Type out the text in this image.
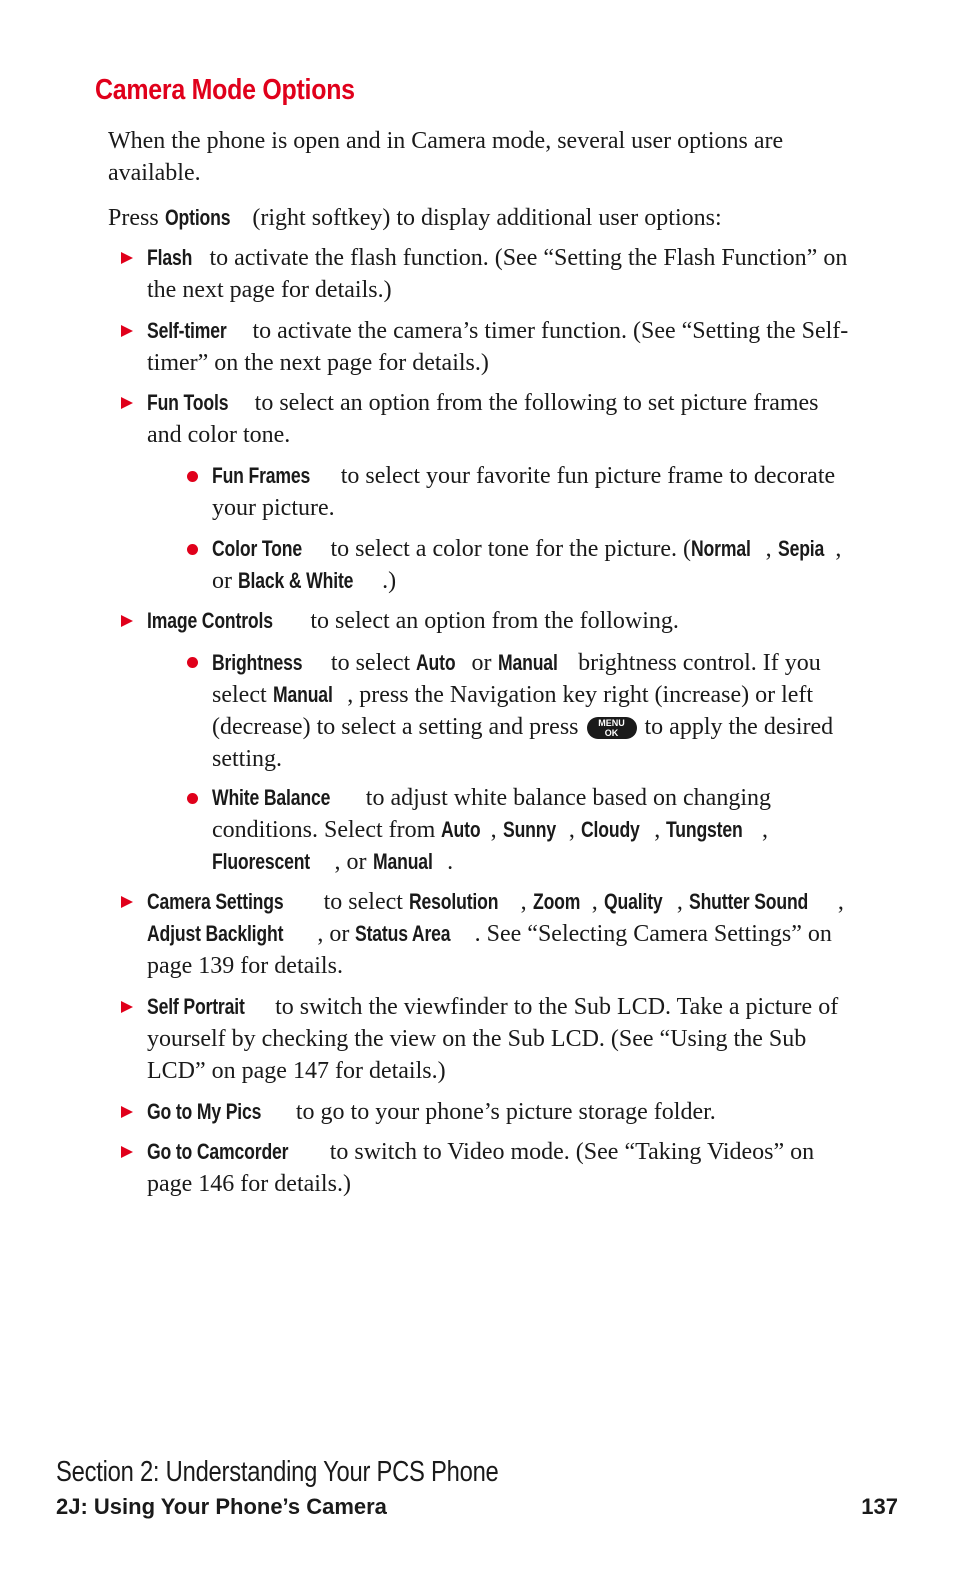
Camera Mode Options

When the phone is open and in Camera mode, several user options are available.

Press Options (right softkey) to display additional user options:

Flash to activate the flash function. (See “Setting the Flash Function” on the next page for details.)

Self-timer to activate the camera’s timer function. (See “Setting the Self-timer” on the next page for details.)

Fun Tools to select an option from the following to set picture frames and color tone.

Fun Frames to select your favorite fun picture frame to decorate your picture.

Color Tone to select a color tone for the picture. (Normal , Sepia , or Black & White .)

Image Controls to select an option from the following.

Brightness to select Auto or Manual brightness control. If you select Manual , press the Navigation key right (increase) or left (decrease) to select a setting and press	MENU
OK to apply the desired setting.

White Balance to adjust white balance based on changing conditions. Select from Auto , Sunny , Cloudy , Tungsten , Fluorescent , or Manual .

Camera Settings to select Resolution , Zoom , Quality , Shutter Sound , Adjust Backlight , or Status Area . See “Selecting Camera Settings” on page 139 for details.

Self Portrait to switch the viewfinder to the Sub LCD. Take a picture of yourself by checking the view on the Sub LCD. (See “Using the Sub LCD” on page 147 for details.)

Go to My Pics to go to your phone’s picture storage folder.

Go to Camcorder to switch to Video mode. (See “Taking Videos” on page 146 for details.)

Section 2: Understanding Your PCS Phone

2J: Using Your Phone’s Camera	137
